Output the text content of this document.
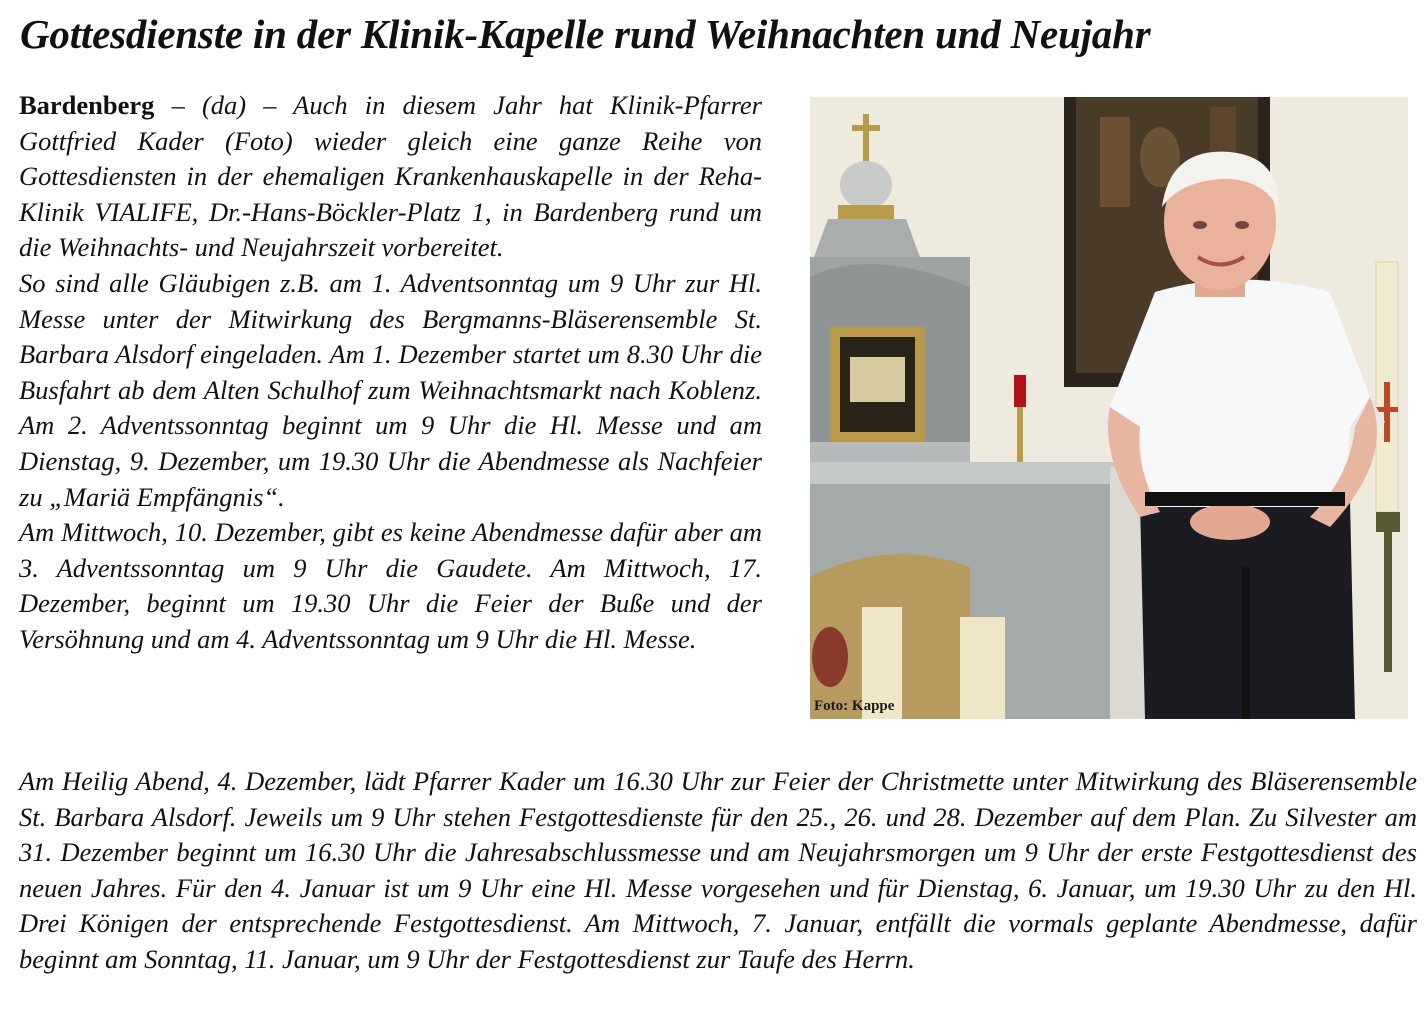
Gottesdienste in der Klinik-Kapelle rund Weihnachten und Neujahr

Bardenberg – (da) – Auch in diesem Jahr hat Klinik-Pfarrer Gottfried Kader (Foto) wieder gleich eine ganze Reihe von Gottesdiensten in der ehemaligen Krankenhauskapelle in der Reha-Klinik VIALIFE, Dr.-Hans-Böckler-Platz 1, in Bardenberg rund um die Weihnachts- und Neujahrszeit vorbereitet.

So sind alle Gläubigen z.B. am 1. Adventsonntag um 9 Uhr zur Hl. Messe unter der Mitwirkung des Bergmanns-Bläserensemble St. Barbara Alsdorf eingeladen. Am 1. Dezember startet um 8.30 Uhr die Busfahrt ab dem Alten Schulhof zum Weihnachtsmarkt nach Koblenz. Am 2. Adventssonntag beginnt um 9 Uhr die Hl. Messe und am Dienstag, 9. Dezember, um 19.30 Uhr die Abendmesse als Nachfeier zu „Mariä Empfängnis“.

Am Mittwoch, 10. Dezember, gibt es keine Abendmesse dafür aber am 3. Adventssonntag um 9 Uhr die Gaudete. Am Mittwoch, 17. Dezember, beginnt um 19.30 Uhr die Feier der Buße und der Versöhnung und am 4. Adventssonntag um 9 Uhr die Hl. Messe.

Foto: Kappe

Am Heilig Abend, 4. Dezember, lädt Pfarrer Kader um 16.30 Uhr zur Feier der Christmette unter Mitwirkung des Bläserensemble St. Barbara Alsdorf. Jeweils um 9 Uhr stehen Festgottesdienste für den 25., 26. und 28. Dezember auf dem Plan. Zu Silvester am 31. Dezember beginnt um 16.30 Uhr die Jahresabschlussmesse und am Neujahrsmorgen um 9 Uhr der erste Festgottesdienst des neuen Jahres. Für den 4. Januar ist um 9 Uhr eine Hl. Messe vorgesehen und für Dienstag, 6. Januar, um 19.30 Uhr zu den Hl. Drei Königen der entsprechende Festgottesdienst. Am Mittwoch, 7. Januar, entfällt die vormals geplante Abendmesse, dafür beginnt am Sonntag, 11. Januar, um 9 Uhr der Festgottesdienst zur Taufe des Herrn.
